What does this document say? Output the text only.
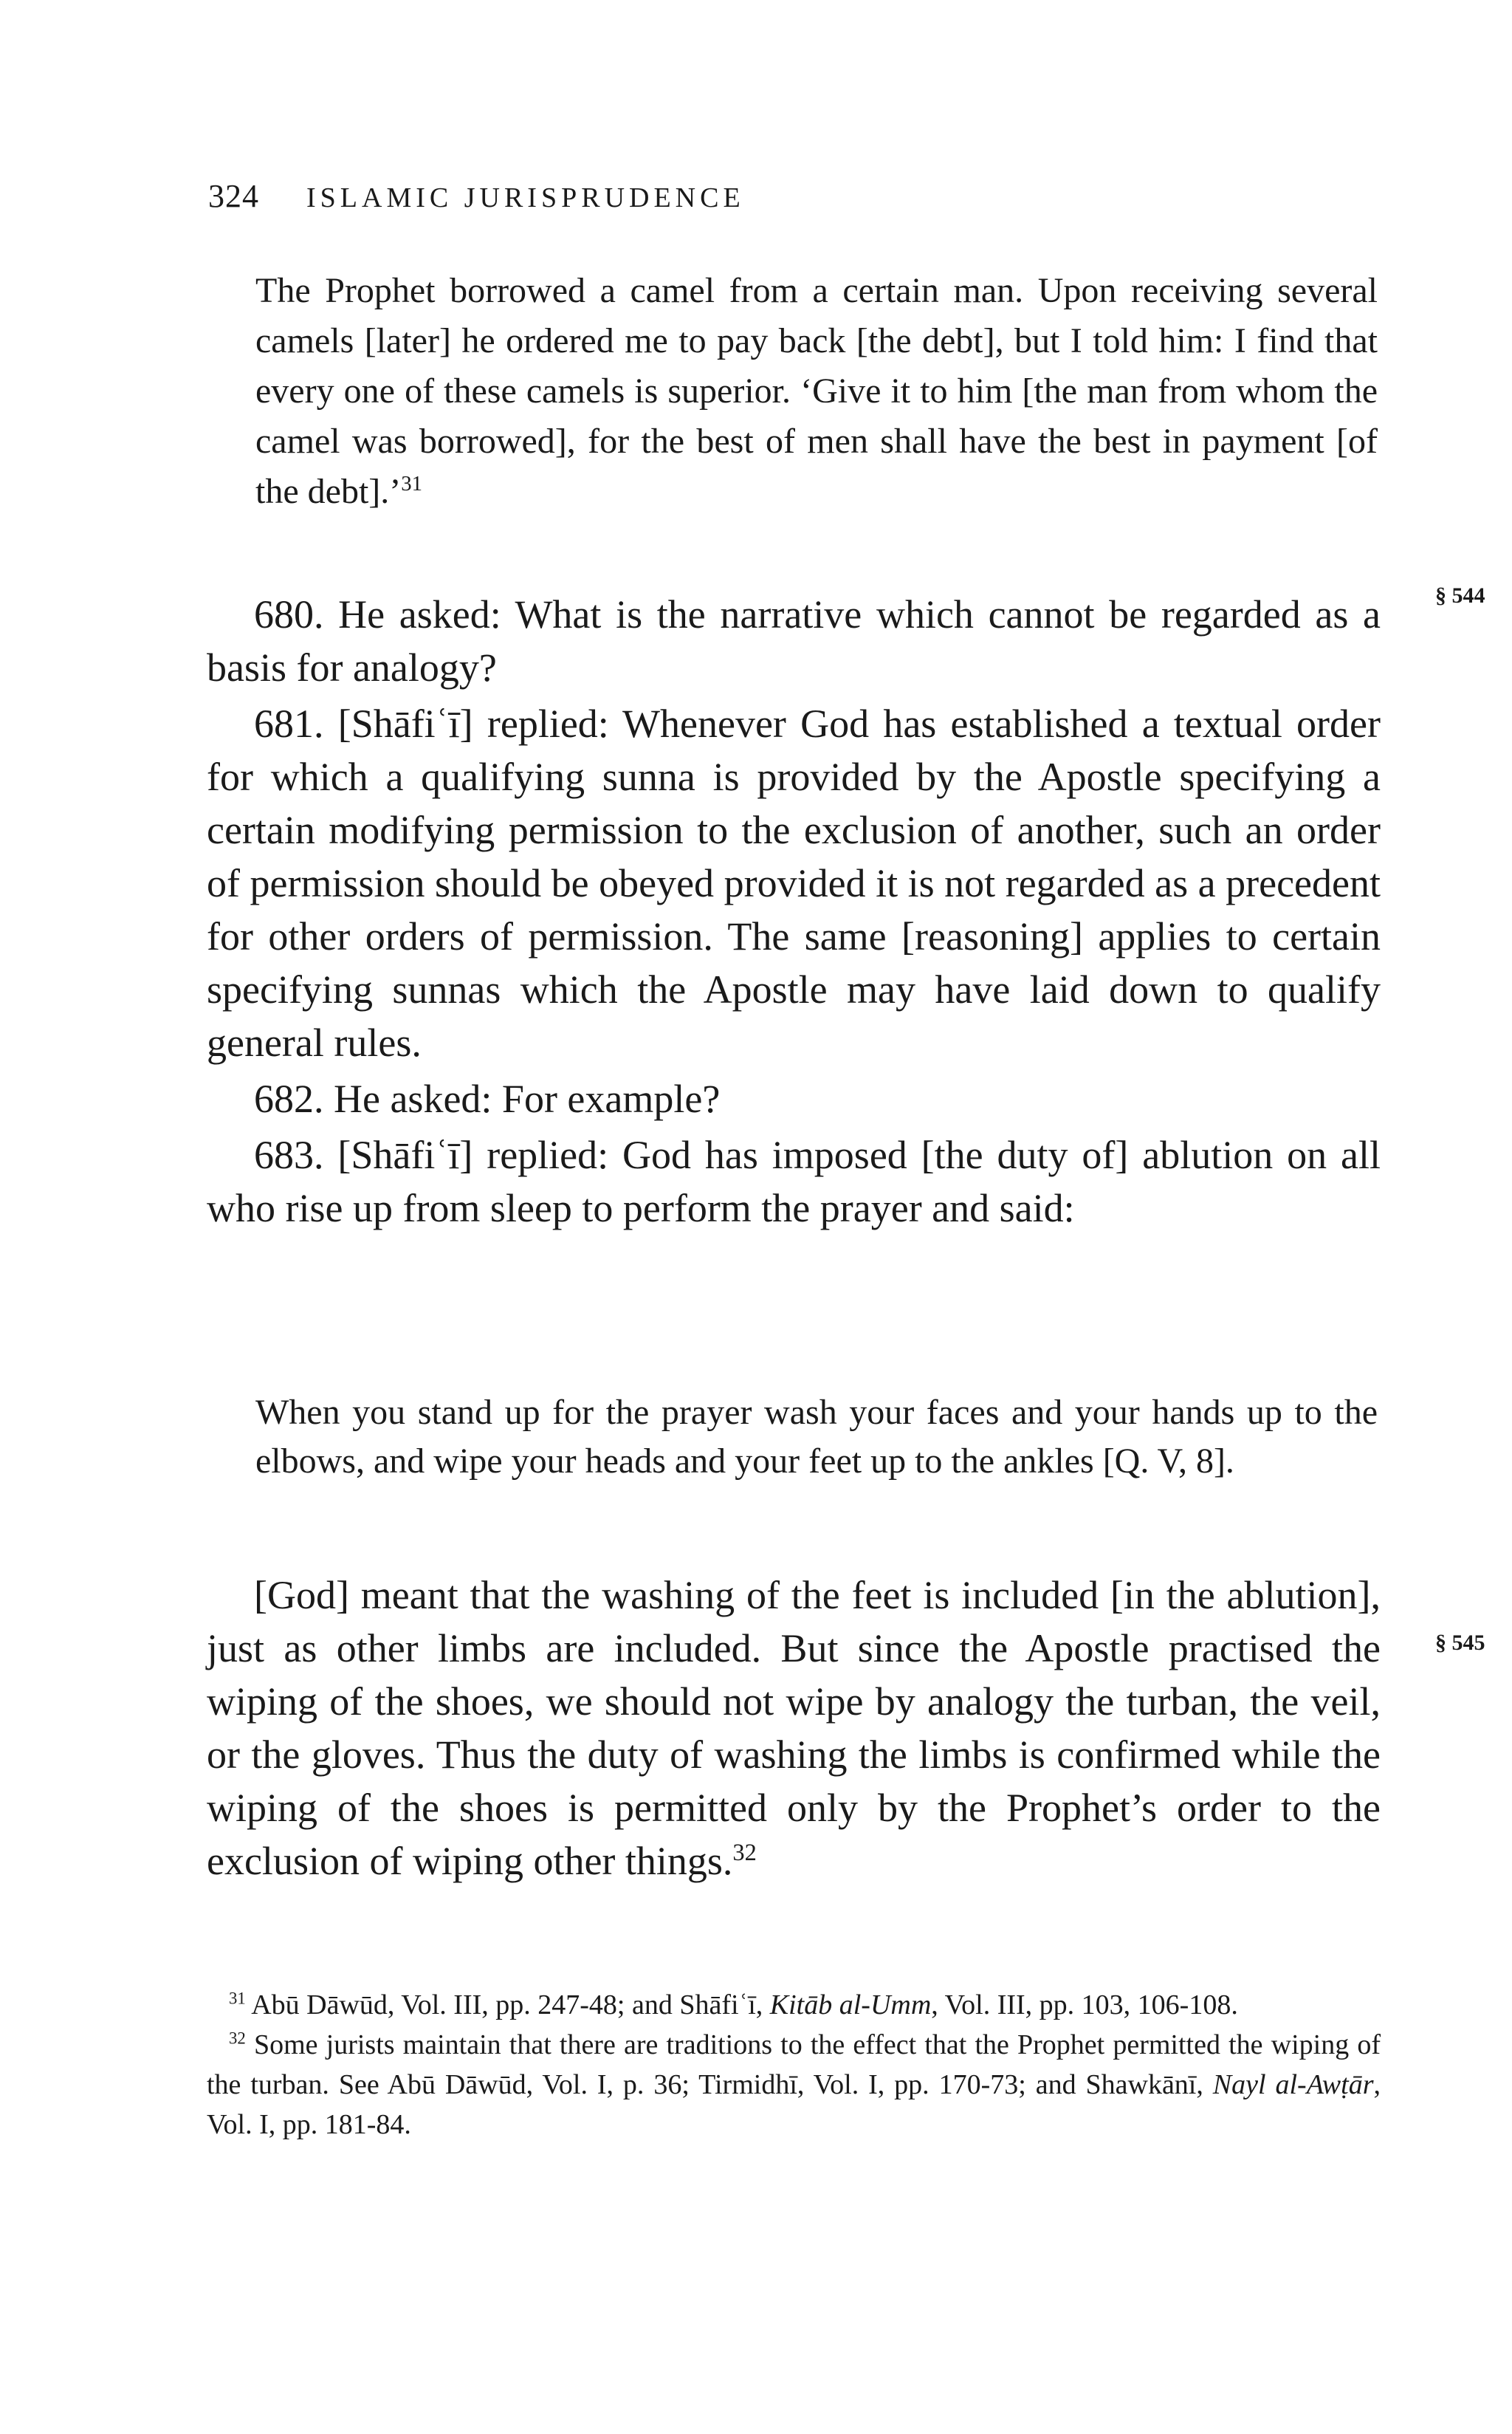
324 ISLAMIC JURISPRUDENCE

The Prophet borrowed a camel from a certain man. Upon receiving several camels [later] he ordered me to pay back [the debt], but I told him: I find that every one of these camels is superior. ‘Give it to him [the man from whom the camel was borrowed], for the best of men shall have the best in payment [of the debt].’$^{31}$

§ 544

680. He asked: What is the narrative which cannot be regarded as a basis for analogy?

681. [Shāfiʿī] replied: Whenever God has established a textual order for which a qualifying sunna is provided by the Apostle specifying a certain modifying permission to the exclusion of another, such an order of permission should be obeyed provided it is not regarded as a precedent for other orders of permission. The same [reasoning] applies to certain specifying sunnas which the Apostle may have laid down to qualify general rules.

682. He asked: For example?

683. [Shāfiʿī] replied: God has imposed [the duty of] ablution on all who rise up from sleep to perform the prayer and said:

When you stand up for the prayer wash your faces and your hands up to the elbows, and wipe your heads and your feet up to the ankles [Q. V, 8].

§ 545

[God] meant that the washing of the feet is included [in the ablution], just as other limbs are included. But since the Apostle practised the wiping of the shoes, we should not wipe by analogy the turban, the veil, or the gloves. Thus the duty of washing the limbs is confirmed while the wiping of the shoes is permitted only by the Prophet’s order to the exclusion of wiping other things.$^{32}$

$^{31}$ Abū Dāwūd, Vol. III, pp. 247-48; and Shāfiʿī, Kitāb al-Umm, Vol. III, pp. 103, 106-108.

$^{32}$ Some jurists maintain that there are traditions to the effect that the Prophet permitted the wiping of the turban. See Abū Dāwūd, Vol. I, p. 36; Tirmidhī, Vol. I, pp. 170-73; and Shawkānī, Nayl al-Awṭār, Vol. I, pp. 181-84.
